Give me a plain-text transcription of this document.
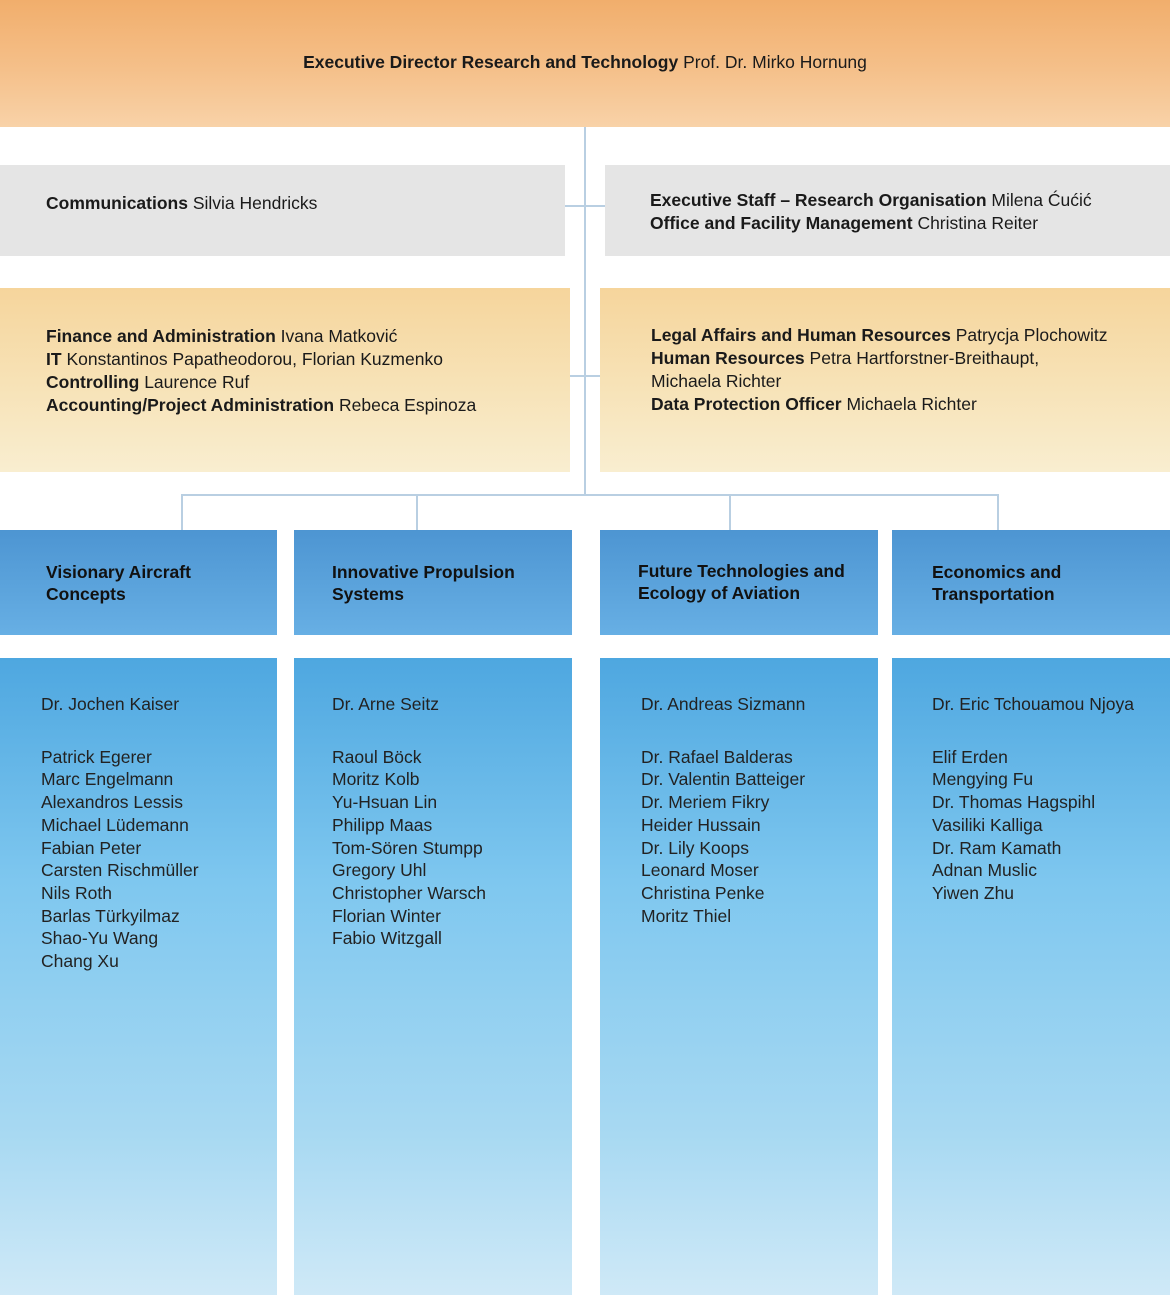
Executive Director Research and Technology Prof. Dr. Mirko Hornung
Communications Silvia Hendricks	Executive Staff – Research Organisation Milena Ćućić
Office and Facility Management Christina Reiter
Finance and Administration Ivana Matković
IT Konstantinos Papatheodorou, Florian Kuzmenko
Controlling Laurence Ruf
Accounting/Project Administration Rebeca Espinoza
Legal Affairs and Human Resources Patrycja Plochowitz
Human Resources Petra Hartforstner-Breithaupt,
Michaela Richter
Data Protection Officer Michaela Richter
Visionary Aircraft
Concepts
Innovative Propulsion
Systems
Future Technologies and
Ecology of Aviation
Economics and
Transportation
Dr. Jochen Kaiser
Patrick Egerer
Marc Engelmann
Alexandros Lessis
Michael Lüdemann
Fabian Peter
Carsten Rischmüller
Nils Roth
Barlas Türkyilmaz
Shao-Yu Wang
Chang Xu
Dr. Arne Seitz
Raoul Böck
Moritz Kolb
Yu-Hsuan Lin
Philipp Maas
Tom-Sören Stumpp
Gregory Uhl
Christopher Warsch
Florian Winter
Fabio Witzgall
Dr. Andreas Sizmann
Dr. Rafael Balderas
Dr. Valentin Batteiger
Dr. Meriem Fikry
Heider Hussain
Dr. Lily Koops
Leonard Moser
Christina Penke
Moritz Thiel
Dr. Eric Tchouamou Njoya
Elif Erden
Mengying Fu
Dr. Thomas Hagspihl
Vasiliki Kalliga
Dr. Ram Kamath
Adnan Muslic
Yiwen Zhu
